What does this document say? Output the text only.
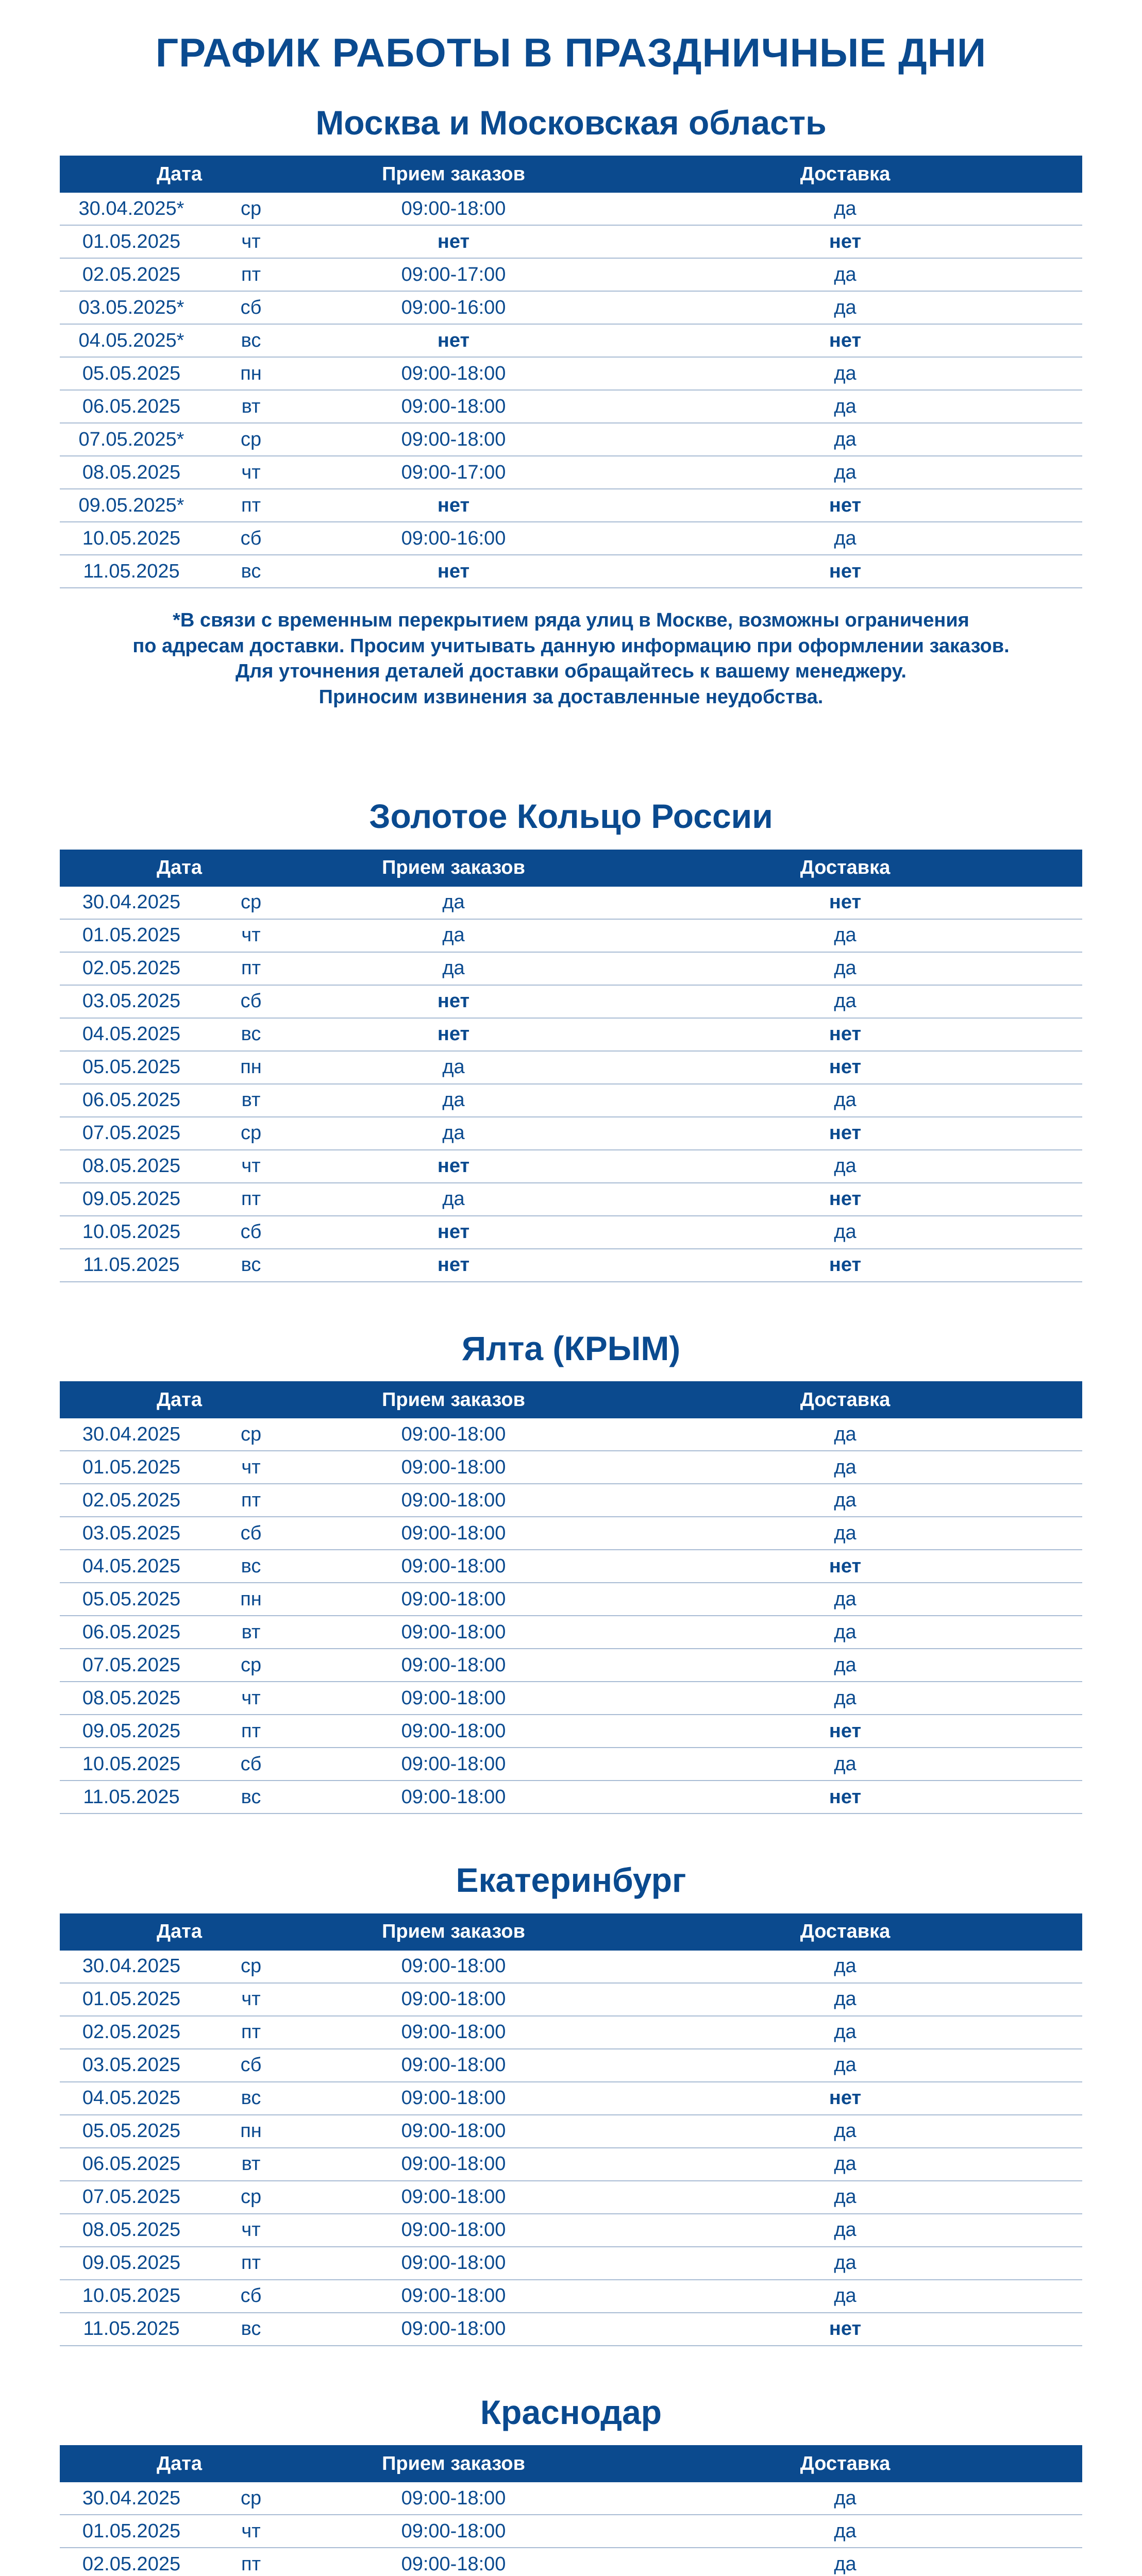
ГРАФИК РАБОТЫ В ПРАЗДНИЧНЫЕ ДНИ
Москва и Московская область
Дата		Прием заказов	Доставка
30.04.2025*	ср	09:00-18:00	да
01.05.2025	чт	нет	нет
02.05.2025	пт	09:00-17:00	да
03.05.2025*	сб	09:00-16:00	да
04.05.2025*	вс	нет	нет
05.05.2025	пн	09:00-18:00	да
06.05.2025	вт	09:00-18:00	да
07.05.2025*	ср	09:00-18:00	да
08.05.2025	чт	09:00-17:00	да
09.05.2025*	пт	нет	нет
10.05.2025	сб	09:00-16:00	да
11.05.2025	вс	нет	нет
*В связи с временным перекрытием ряда улиц в Москве, возможны ограничения
по адресам доставки. Просим учитывать данную информацию при оформлении заказов.
Для уточнения деталей доставки обращайтесь к вашему менеджеру.
Приносим извинения за доставленные неудобства.
Золотое Кольцо России
Дата		Прием заказов	Доставка
30.04.2025	ср	да	нет
01.05.2025	чт	да	да
02.05.2025	пт	да	да
03.05.2025	сб	нет	да
04.05.2025	вс	нет	нет
05.05.2025	пн	да	нет
06.05.2025	вт	да	да
07.05.2025	ср	да	нет
08.05.2025	чт	нет	да
09.05.2025	пт	да	нет
10.05.2025	сб	нет	да
11.05.2025	вс	нет	нет
Ялта (КРЫМ)
Дата		Прием заказов	Доставка
30.04.2025	ср	09:00-18:00	да
01.05.2025	чт	09:00-18:00	да
02.05.2025	пт	09:00-18:00	да
03.05.2025	сб	09:00-18:00	да
04.05.2025	вс	09:00-18:00	нет
05.05.2025	пн	09:00-18:00	да
06.05.2025	вт	09:00-18:00	да
07.05.2025	ср	09:00-18:00	да
08.05.2025	чт	09:00-18:00	да
09.05.2025	пт	09:00-18:00	нет
10.05.2025	сб	09:00-18:00	да
11.05.2025	вс	09:00-18:00	нет
Екатеринбург
Дата		Прием заказов	Доставка
30.04.2025	ср	09:00-18:00	да
01.05.2025	чт	09:00-18:00	да
02.05.2025	пт	09:00-18:00	да
03.05.2025	сб	09:00-18:00	да
04.05.2025	вс	09:00-18:00	нет
05.05.2025	пн	09:00-18:00	да
06.05.2025	вт	09:00-18:00	да
07.05.2025	ср	09:00-18:00	да
08.05.2025	чт	09:00-18:00	да
09.05.2025	пт	09:00-18:00	да
10.05.2025	сб	09:00-18:00	да
11.05.2025	вс	09:00-18:00	нет
Краснодар
Дата		Прием заказов	Доставка
30.04.2025	ср	09:00-18:00	да
01.05.2025	чт	09:00-18:00	да
02.05.2025	пт	09:00-18:00	да
